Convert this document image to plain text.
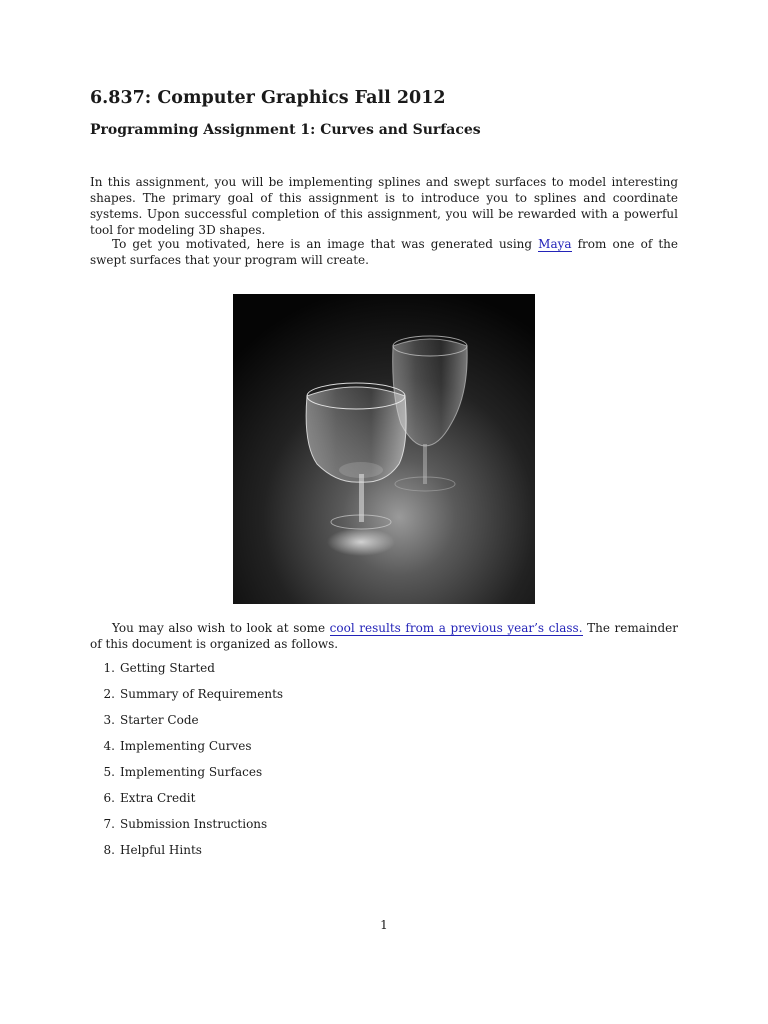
6.837: Computer Graphics Fall 2012
Programming Assignment 1: Curves and Surfaces

In this assignment, you will be implementing splines and swept surfaces to model interesting shapes. The primary goal of this assignment is to introduce you to splines and coordinate systems. Upon successful completion of this assignment, you will be rewarded with a powerful tool for modeling 3D shapes.

To get you motivated, here is an image that was generated using Maya from one of the swept surfaces that your program will create.

You may also wish to look at some cool results from a previous year’s class. The remainder of this document is organized as follows.

1. Getting Started
2. Summary of Requirements
3. Starter Code
4. Implementing Curves
5. Implementing Surfaces
6. Extra Credit
7. Submission Instructions
8. Helpful Hints
1
